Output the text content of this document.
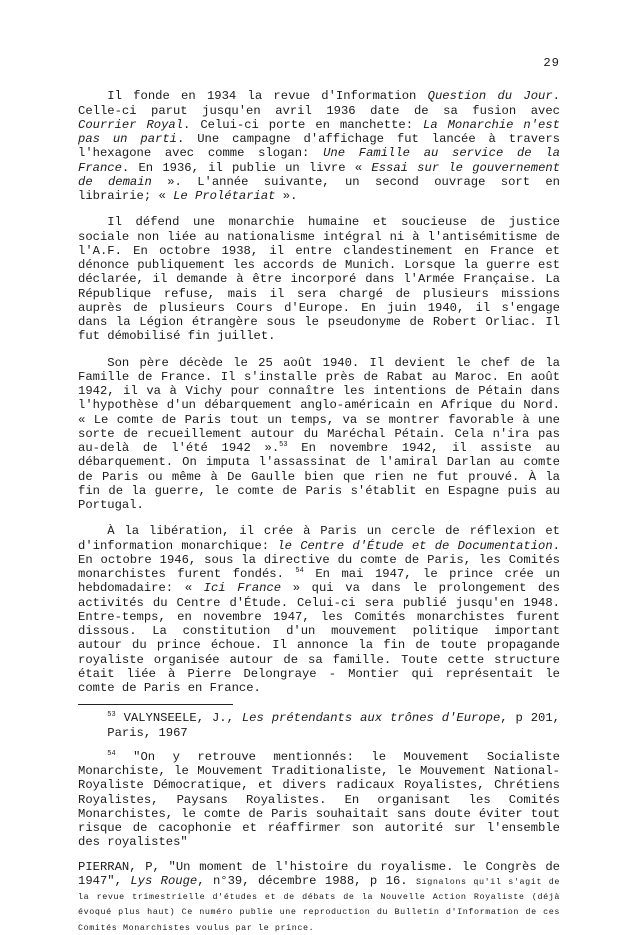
29

Il fonde en 1934 la revue d'Information Question du Jour. Celle-ci parut jusqu'en avril 1936 date de sa fusion avec Courrier Royal. Celui-ci porte en manchette: La Monarchie n'est pas un parti. Une campagne d'affichage fut lancée à travers l'hexagone avec comme slogan: Une Famille au service de la France. En 1936, il publie un livre « Essai sur le gouvernement de demain ». L'année suivante, un second ouvrage sort en librairie; « Le Prolétariat ».

Il défend une monarchie humaine et soucieuse de justice sociale non liée au nationalisme intégral ni à l'antisémitisme de l'A.F. En octobre 1938, il entre clandestinement en France et dénonce publiquement les accords de Munich. Lorsque la guerre est déclarée, il demande à être incorporé dans l'Armée Française. La République refuse, mais il sera chargé de plusieurs missions auprès de plusieurs Cours d'Europe. En juin 1940, il s'engage dans la Légion étrangère sous le pseudonyme de Robert Orliac. Il fut démobilisé fin juillet.

Son père décède le 25 août 1940. Il devient le chef de la Famille de France. Il s'installe près de Rabat au Maroc. En août 1942, il va à Vichy pour connaître les intentions de Pétain dans l'hypothèse d'un débarquement anglo-américain en Afrique du Nord. « Le comte de Paris tout un temps, va se montrer favorable à une sorte de recueillement autour du Maréchal Pétain. Cela n'ira pas au-delà de l'été 1942 ».$^{53}$ En novembre 1942, il assiste au débarquement. On imputa l'assassinat de l'amiral Darlan au comte de Paris ou même à De Gaulle bien que rien ne fut prouvé. À la fin de la guerre, le comte de Paris s'établit en Espagne puis au Portugal.

À la libération, il crée à Paris un cercle de réflexion et d'information monarchique: le Centre d'Étude et de Documentation. En octobre 1946, sous la directive du comte de Paris, les Comités monarchistes furent fondés. $^{54}$ En mai 1947, le prince crée un hebdomadaire: « Ici France » qui va dans le prolongement des activités du Centre d'Étude. Celui-ci sera publié jusqu'en 1948. Entre-temps, en novembre 1947, les Comités monarchistes furent dissous. La constitution d'un mouvement politique important autour du prince échoue. Il annonce la fin de toute propagande royaliste organisée autour de sa famille. Toute cette structure était liée à Pierre Delongraye - Montier qui représentait le comte de Paris en France.

$^{53}$ VALYNSEELE, J., Les prétendants aux trônes d'Europe, p 201, Paris, 1967

$^{54}$ "On y retrouve mentionnés: le Mouvement Socialiste Monarchiste, le Mouvement Traditionaliste, le Mouvement National-Royaliste Démocratique, et divers radicaux Royalistes, Chrétiens Royalistes, Paysans Royalistes. En organisant les Comités Monarchistes, le comte de Paris souhaitait sans doute éviter tout risque de cacophonie et réaffirmer son autorité sur l'ensemble des royalistes"

PIERRAN, P, "Un moment de l'histoire du royalisme. le Congrès de 1947", Lys Rouge, n°39, décembre 1988, p 16. Signalons qu'il s'agit de la revue trimestrielle d'études et de débats de la Nouvelle Action Royaliste (déjà évoqué plus haut) Ce numéro publie une reproduction du Bulletin d'Information de ces Comités Monarchistes voulus par le prince.
